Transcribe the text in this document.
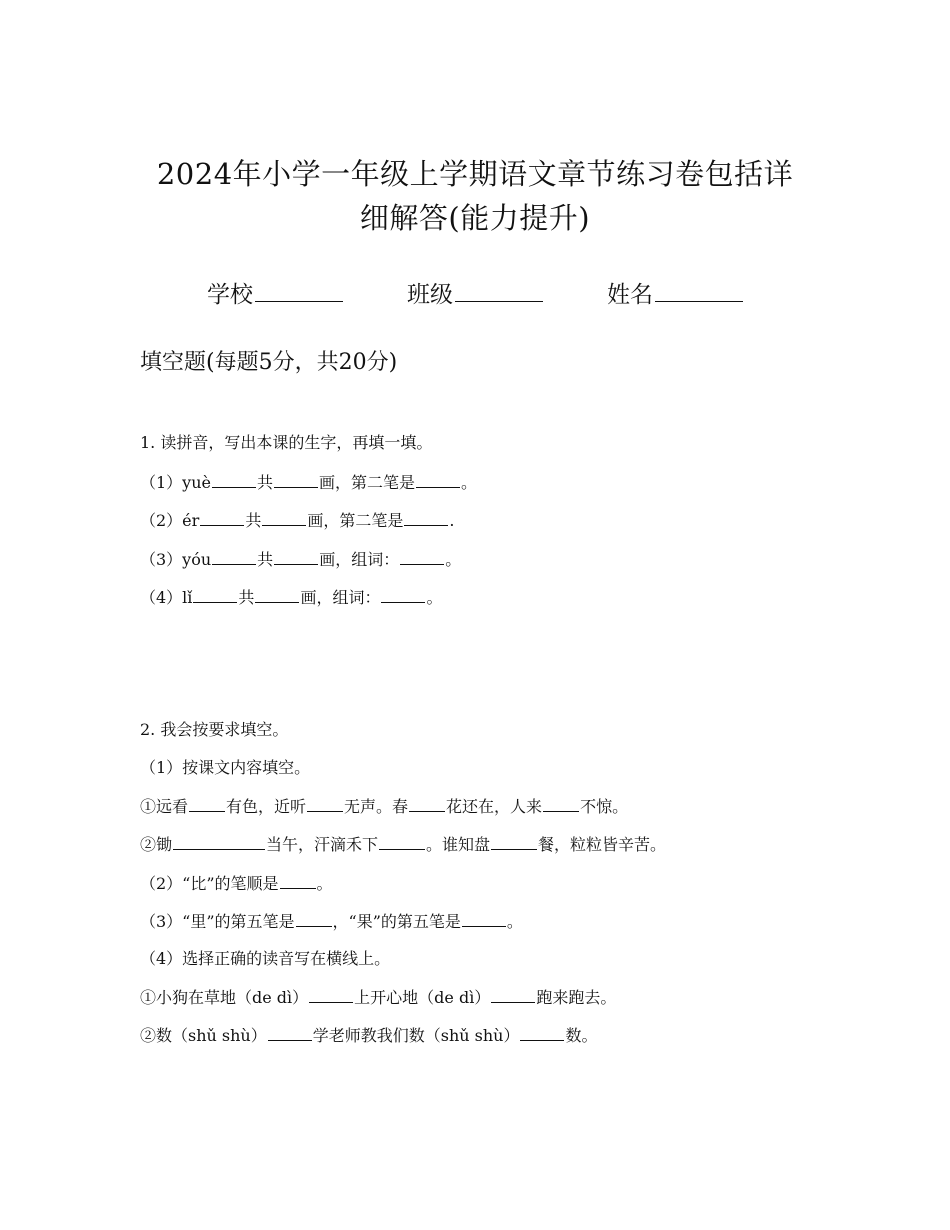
2024年小学一年级上学期语文章节练习卷包括详
细解答(能力提升)
学校	班级	姓名
填空题(每题5分，共20分)
1. 读拼音，写出本课的生字，再填一填。
（1）yuè	共	画，第二笔是	。
（2）ér	共	画，第二笔是	.
（3）yóu	共	画，组词：	。
（4）lǐ	共	画，组词：	。
2. 我会按要求填空。
（1）按课文内容填空。
①远看 有色，近听 无声。春 花还在，人来 不惊。
②锄	当午，汗滴禾下	。谁知盘	餐，粒粒皆辛苦。
（2）“比”的笔顺是 。
（3）“里”的第五笔是 ，“果”的第五笔是	。
（4）选择正确的读音写在横线上。
①小狗在草地（de dì）	上开心地（de dì）	跑来跑去。
②数（shǔ shù）	学老师教我们数（shǔ shù）	数。
